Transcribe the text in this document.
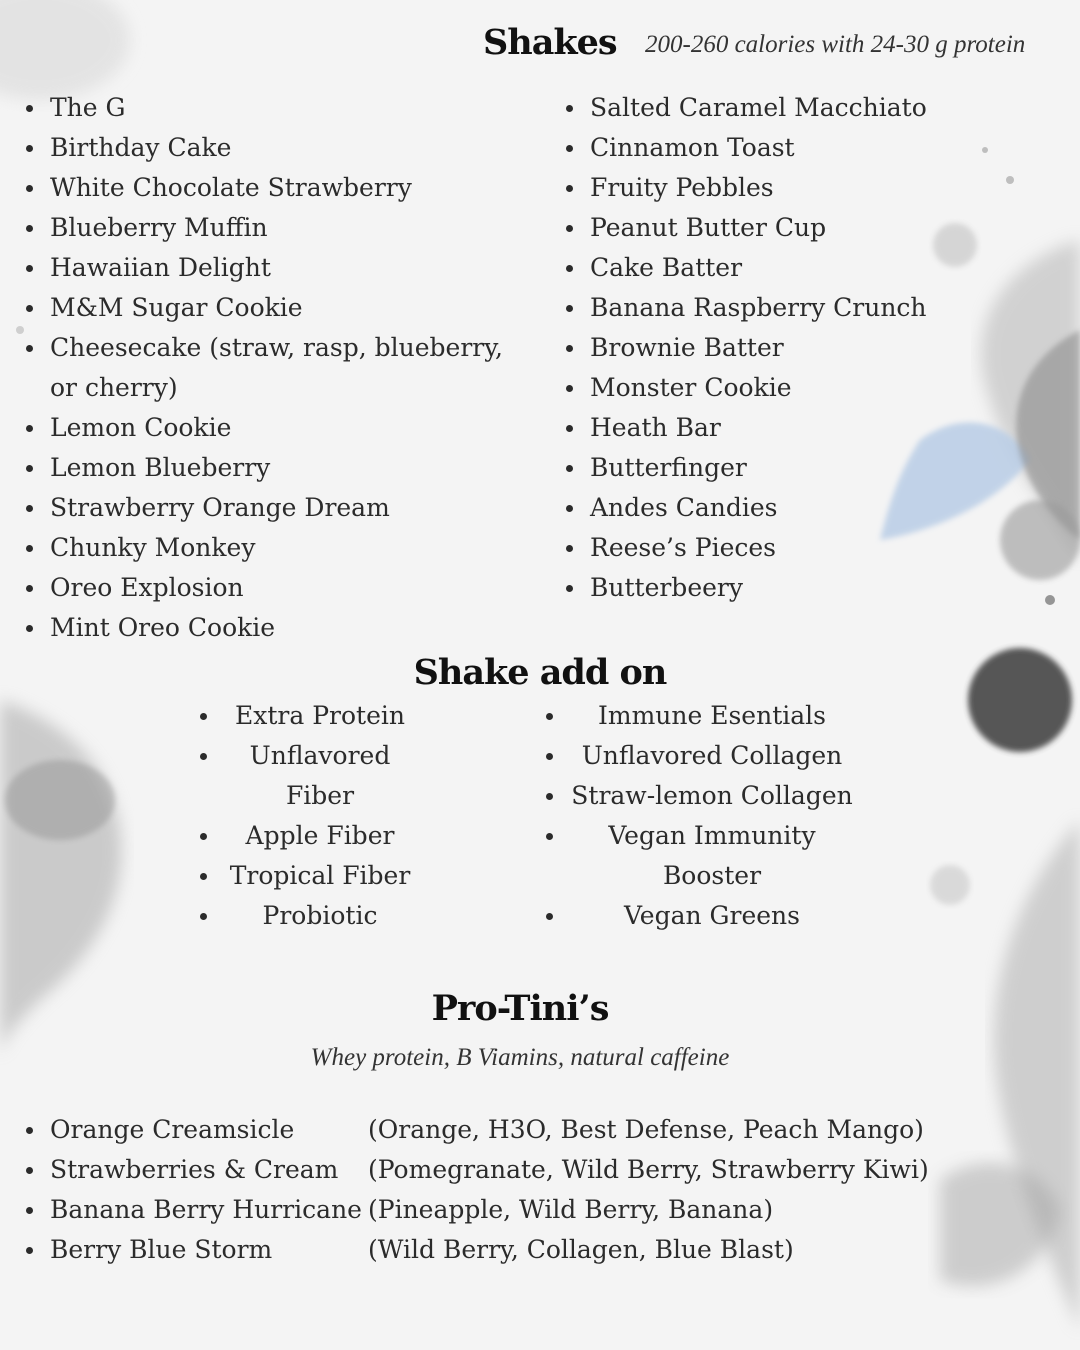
Shakes 200-260 calories with 24-30 g protein
The G
Birthday Cake
White Chocolate Strawberry
Blueberry Muffin
Hawaiian Delight
M&M Sugar Cookie
Cheesecake (straw, rasp, blueberry, or cherry)
Lemon Cookie
Lemon Blueberry
Strawberry Orange Dream
Chunky Monkey
Oreo Explosion
Mint Oreo Cookie
Salted Caramel Macchiato
Cinnamon Toast
Fruity Pebbles
Peanut Butter Cup
Cake Batter
Banana Raspberry Crunch
Brownie Batter
Monster Cookie
Heath Bar
Butterfinger
Andes Candies
Reese’s Pieces
Butterbeery
Shake add on
Extra Protein
Unflavored Fiber
Apple Fiber
Tropical Fiber
Probiotic
Immune Esentials
Unflavored Collagen
Straw-lemon Collagen
Vegan Immunity Booster
Vegan Greens
Pro-Tini’s
Whey protein, B Viamins, natural caffeine
Orange Creamsicle	(Orange, H3O, Best Defense, Peach Mango)
Strawberries & Cream (Pomegranate, Wild Berry, Strawberry Kiwi)
Banana Berry Hurricane (Pineapple, Wild Berry, Banana)
Berry Blue Storm	(Wild Berry, Collagen, Blue Blast)
